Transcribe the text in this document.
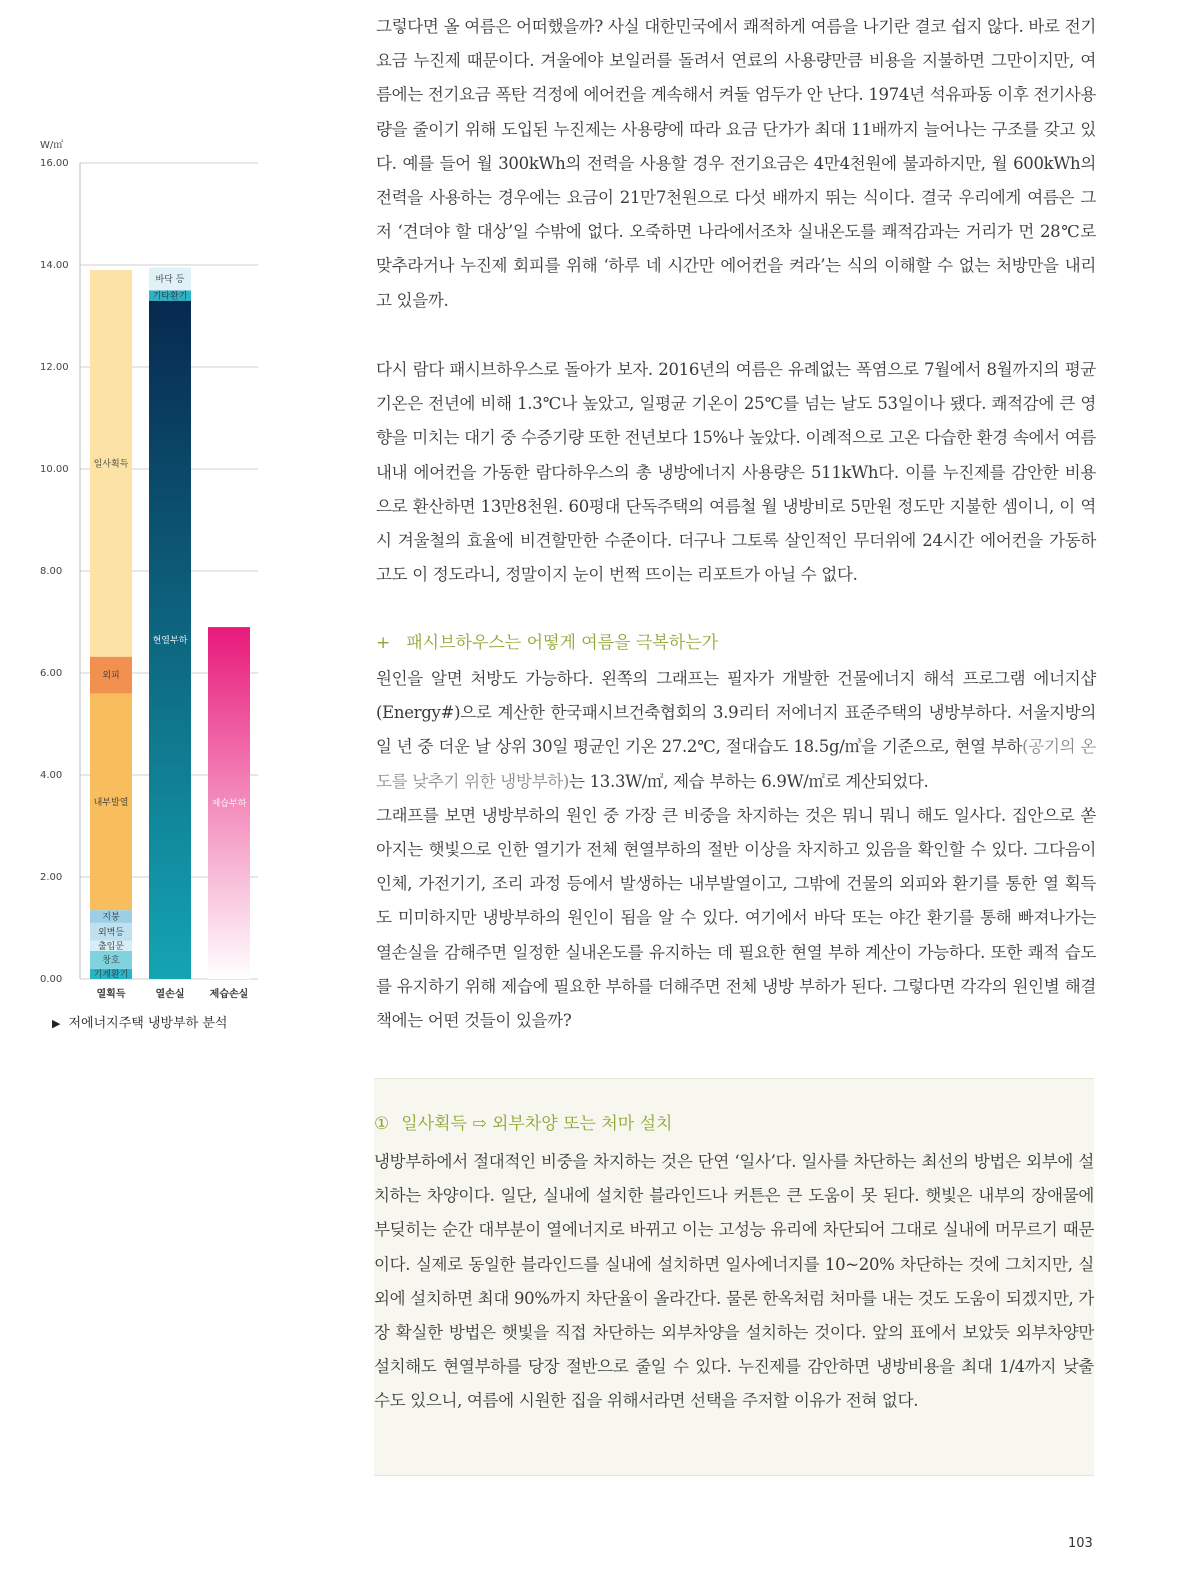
W/㎡
0.00
2.00
4.00
6.00
8.00
10.00
12.00
14.00
16.00
기계환기
창호
출입문
외벽등
지붕
내부발열
외피
일사획득
열획득
현열부하
기타환기
바닥 등
열손실
제습부하
제습손실
▶ 저에너지주택 냉방부하 분석

그렇다면 올 여름은 어떠했을까? 사실 대한민국에서 쾌적하게 여름을 나기란 결코 쉽지 않다. 바로 전기요금 누진제 때문이다. 겨울에야 보일러를 돌려서 연료의 사용량만큼 비용을 지불하면 그만이지만, 여름에는 전기요금 폭탄 걱정에 에어컨을 계속해서 켜둘 엄두가 안 난다. 1974년 석유파동 이후 전기사용량을 줄이기 위해 도입된 누진제는 사용량에 따라 요금 단가가 최대 11배까지 늘어나는 구조를 갖고 있다. 예를 들어 월 300kWh의 전력을 사용할 경우 전기요금은 4만4천원에 불과하지만, 월 600kWh의 전력을 사용하는 경우에는 요금이 21만7천원으로 다섯 배까지 뛰는 식이다. 결국 우리에게 여름은 그저 ‘견뎌야 할 대상’일 수밖에 없다. 오죽하면 나라에서조차 실내온도를 쾌적감과는 거리가 먼 28℃로 맞추라거나 누진제 회피를 위해 ‘하루 네 시간만 에어컨을 켜라’는 식의 이해할 수 없는 처방만을 내리고 있을까.

다시 람다 패시브하우스로 돌아가 보자. 2016년의 여름은 유례없는 폭염으로 7월에서 8월까지의 평균기온은 전년에 비해 1.3℃나 높았고, 일평균 기온이 25℃를 넘는 날도 53일이나 됐다. 쾌적감에 큰 영향을 미치는 대기 중 수증기량 또한 전년보다 15%나 높았다. 이례적으로 고온 다습한 환경 속에서 여름 내내 에어컨을 가동한 람다하우스의 총 냉방에너지 사용량은 511kWh다. 이를 누진제를 감안한 비용으로 환산하면 13만8천원. 60평대 단독주택의 여름철 월 냉방비로 5만원 정도만 지불한 셈이니, 이 역시 겨울철의 효율에 비견할만한 수준이다. 더구나 그토록 살인적인 무더위에 24시간 에어컨을 가동하고도 이 정도라니, 정말이지 눈이 번쩍 뜨이는 리포트가 아닐 수 없다.

+ 패시브하우스는 어떻게 여름을 극복하는가

원인을 알면 처방도 가능하다. 왼쪽의 그래프는 필자가 개발한 건물에너지 해석 프로그램 에너지샵(Energy#)으로 계산한 한국패시브건축협회의 3.9리터 저에너지 표준주택의 냉방부하다. 서울지방의 일 년 중 더운 날 상위 30일 평균인 기온 27.2℃, 절대습도 18.5g/㎥을 기준으로, 현열 부하(공기의 온도를 낮추기 위한 냉방부하)는 13.3W/㎡, 제습 부하는 6.9W/㎡로 계산되었다.
그래프를 보면 냉방부하의 원인 중 가장 큰 비중을 차지하는 것은 뭐니 뭐니 해도 일사다. 집안으로 쏟아지는 햇빛으로 인한 열기가 전체 현열부하의 절반 이상을 차지하고 있음을 확인할 수 있다. 그다음이 인체, 가전기기, 조리 과정 등에서 발생하는 내부발열이고, 그밖에 건물의 외피와 환기를 통한 열 획득도 미미하지만 냉방부하의 원인이 됨을 알 수 있다. 여기에서 바닥 또는 야간 환기를 통해 빠져나가는 열손실을 감해주면 일정한 실내온도를 유지하는 데 필요한 현열 부하 계산이 가능하다. 또한 쾌적 습도를 유지하기 위해 제습에 필요한 부하를 더해주면 전체 냉방 부하가 된다. 그렇다면 각각의 원인별 해결책에는 어떤 것들이 있을까?

① 일사획득 ⇨ 외부차양 또는 처마 설치

냉방부하에서 절대적인 비중을 차지하는 것은 단연 ‘일사’다. 일사를 차단하는 최선의 방법은 외부에 설치하는 차양이다. 일단, 실내에 설치한 블라인드나 커튼은 큰 도움이 못 된다. 햇빛은 내부의 장애물에 부딪히는 순간 대부분이 열에너지로 바뀌고 이는 고성능 유리에 차단되어 그대로 실내에 머무르기 때문이다. 실제로 동일한 블라인드를 실내에 설치하면 일사에너지를 10~20% 차단하는 것에 그치지만, 실외에 설치하면 최대 90%까지 차단율이 올라간다. 물론 한옥처럼 처마를 내는 것도 도움이 되겠지만, 가장 확실한 방법은 햇빛을 직접 차단하는 외부차양을 설치하는 것이다. 앞의 표에서 보았듯 외부차양만 설치해도 현열부하를 당장 절반으로 줄일 수 있다. 누진제를 감안하면 냉방비용을 최대 1/4까지 낮출 수도 있으니, 여름에 시원한 집을 위해서라면 선택을 주저할 이유가 전혀 없다.

103
